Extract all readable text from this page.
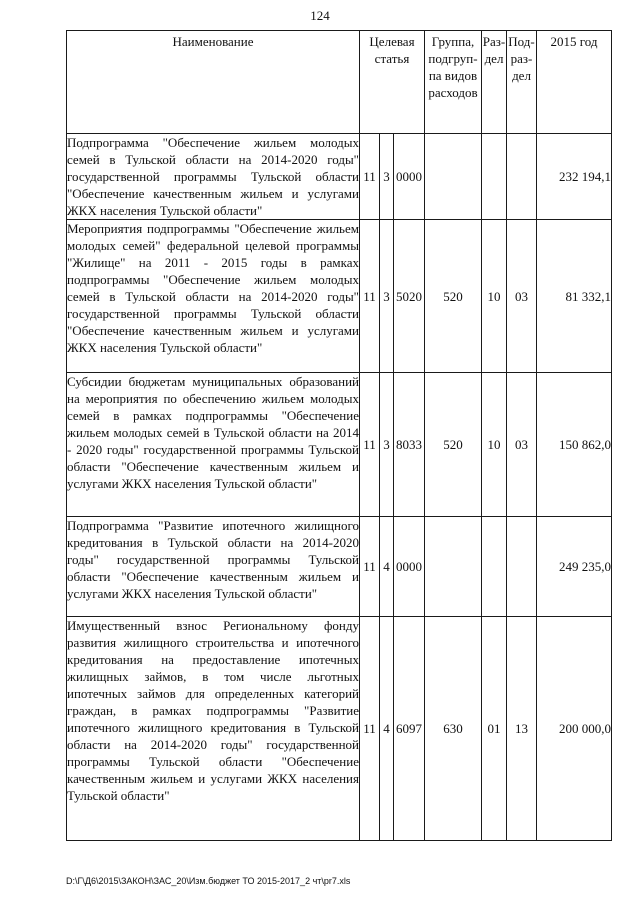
124
Наименование	Целевая статья			Группа, подгруп-па видов расходов	Раз-дел	Под-раз-дел	2015 год
Подпрограмма "Обеспечение жильем молодых семей в Тульской области на 2014-2020 годы" государственной программы Тульской области "Обеспечение качественным жильем и услугами ЖКХ населения Тульской области"	11	3	0000				232 194,1
Мероприятия подпрограммы "Обеспечение жильем молодых семей" федеральной целевой программы "Жилище" на 2011 - 2015 годы в рамках подпрограммы "Обеспечение жильем молодых семей в Тульской области на 2014-2020 годы" государственной программы Тульской области "Обеспечение качественным жильем и услугами ЖКХ населения Тульской области"	11	3	5020	520	10	03	81 332,1
Субсидии бюджетам муниципальных образований на мероприятия по обеспечению жильем молодых семей в рамках подпрограммы "Обеспечение жильем молодых семей в Тульской области на 2014 - 2020 годы" государственной программы Тульской области "Обеспечение качественным жильем и услугами ЖКХ населения Тульской области"	11	3	8033	520	10	03	150 862,0
Подпрограмма "Развитие ипотечного жилищного кредитования в Тульской области на 2014-2020 годы" государственной программы Тульской области "Обеспечение качественным жильем и услугами ЖКХ населения Тульской области"	11	4	0000				249 235,0
Имущественный взнос Региональному фонду развития жилищного строительства и ипотечного кредитования на предоставление ипотечных жилищных займов, в том числе льготных ипотечных займов для определенных категорий граждан, в рамках подпрограммы "Развитие ипотечного жилищного кредитования в Тульской области на 2014-2020 годы" государственной программы Тульской области "Обеспечение качественным жильем и услугами ЖКХ населения Тульской области"	11	4	6097	630	01	13	200 000,0
D:\Г\Д6\2015\ЗАКОН\ЗАС_20\Изм.бюджет ТО 2015-2017_2 чт\рr7.xls
